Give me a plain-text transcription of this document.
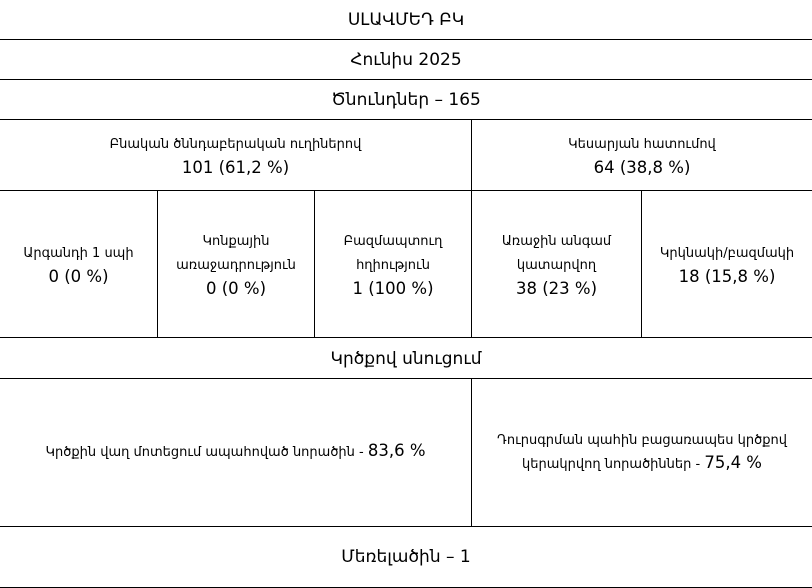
ՍԼԱՎՄԵԴ ԲԿ
Հունիս 2025
Ծնունդներ – 165
Բնական ծննդաբերական ուղիներով
101 (61,2 %)
Կեսարյան հատումով
64 (38,8 %)
Արգանդի 1 սպի
0 (0 %)
Կոնքային
առաջադրություն
0 (0 %)
Բազմապտուղ
հղիություն
1 (100 %)
Առաջին անգամ
կատարվող
38 (23 %)
Կրկնակի/բազմակի
18 (15,8 %)
Կրծքով սնուցում
Կրծքին վաղ մոտեցում ապահոված նորածին - 83,6 %
Դուրսգրման պահին բացառապես կրծքով
կերակրվող նորածիններ - 75,4 %
Մեռելածին – 1
